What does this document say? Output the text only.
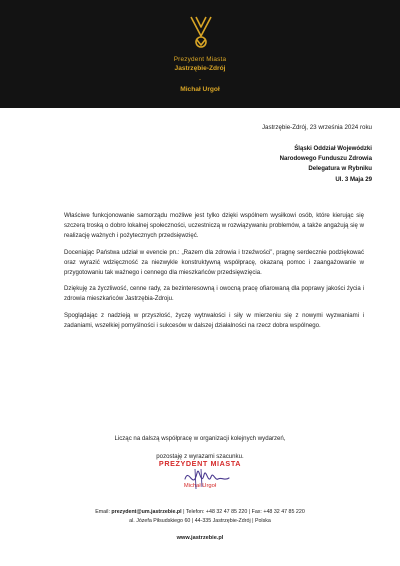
Prezydent Miasta
Jastrzębie-Zdrój
-
Michał Urgoł
Jastrzębie-Zdrój, 23 września 2024 roku
Śląski Oddział Wojewódzki
Narodowego Funduszu Zdrowia
Delegatura w Rybniku
Ul. 3 Maja 29

Właściwe funkcjonowanie samorządu możliwe jest tylko dzięki wspólnem wysiłkowi osób, które kierując się szczerą troską o dobro lokalnej społeczności, uczestniczą w rozwiązywaniu problemów, a także angażują się w realizację ważnych i pożytecznych przedsięwzięć.

Doceniając Państwa udział w evencie pn.: „Razem dla zdrowia i trzeźwości”, pragnę serdecznie podziękować oraz wyrazić wdzięczność za niezwykle konstruktywną współpracę, okazaną pomoc i zaangażowanie w przygotowaniu tak ważnego i cennego dla mieszkańców przedsięwzięcia.

Dziękuję za życzliwość, cenne rady, za bezinteresowną i owocną pracę ofiarowaną dla poprawy jakości życia i zdrowia mieszkańców Jastrzębia-Zdroju.

Spoglądając z nadzieją w przyszłość, życzę wytrwałości i siły w mierzeniu się z nowymi wyzwaniami i zadaniami, wszelkiej pomyślności i sukcesów w dalszej działalności na rzecz dobra wspólnego.

Licząc na dalszą współpracę w organizacji kolejnych wydarzeń,
pozostaję z wyrazami szacunku.
PREZYDENT MIASTA
Michał Urgoł
Email: prezydent@um.jastrzebie.pl | Telefon: +48 32 47 85 220 | Fax: +48 32 47 85 220
al. Józefa Piłsudskiego 60 | 44-335 Jastrzębie-Zdrój | Polska
www.jastrzebie.pl
